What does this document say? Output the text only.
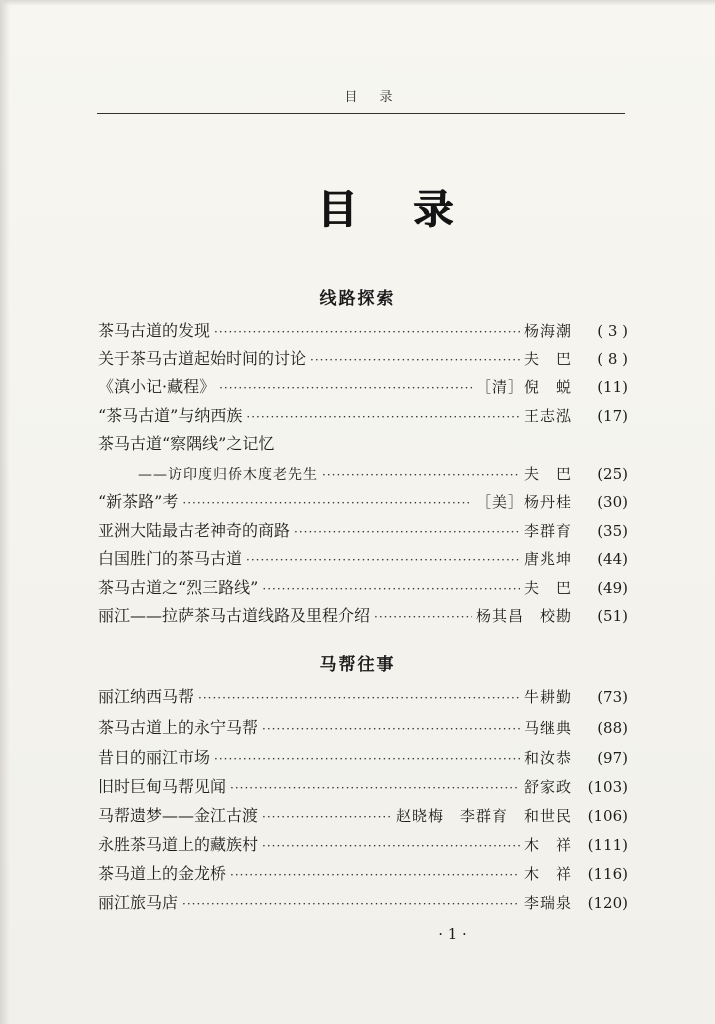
目录
目录
线路探索
茶马古道的发现 ·····	杨海潮	( 3 )
关于茶马古道起始时间的讨论 ·····	夫　巴	( 8 )
《滇小记·藏程》 ·····	［清］倪　蜕	(11)
“茶马古道”与纳西族 ·····	王志泓	(17)
茶马古道“察隅线”之记忆
——访印度归侨木度老先生 ·····	夫　巴	(25)
“新茶路”考 ·····	［美］杨丹桂	(30)
亚洲大陆最古老神奇的商路 ·····	李群育	(35)
白国胜门的茶马古道 ·····	唐兆坤	(44)
茶马古道之“烈三路线” ·····	夫　巴	(49)
丽江——拉萨茶马古道线路及里程介绍 ·····	杨其昌　校勘	(51)
马帮往事
丽江纳西马帮 ·····	牛耕勤	(73)
茶马古道上的永宁马帮 ·····	马继典	(88)
昔日的丽江市场 ·····	和汝恭	(97)
旧时巨甸马帮见闻 ·····	舒家政	(103)
马帮遗梦——金江古渡 ·····	赵晓梅　李群育　和世民	(106)
永胜茶马道上的藏族村 ·····	木　祥	(111)
茶马道上的金龙桥 ·····	木　祥	(116)
丽江旅马店 ·····	李瑞泉	(120)
· 1 ·
